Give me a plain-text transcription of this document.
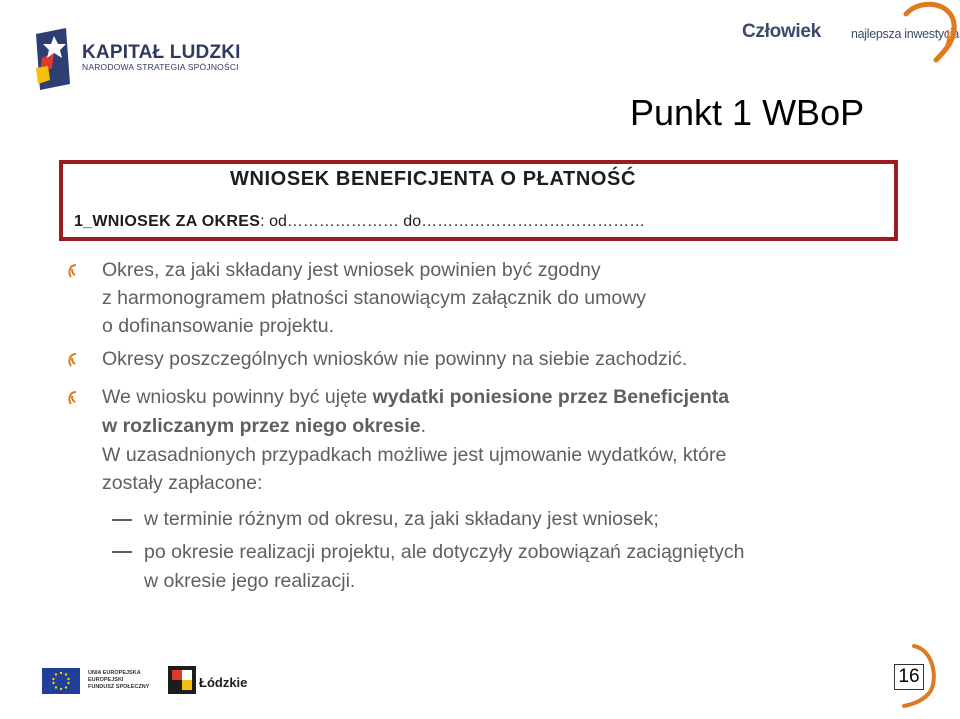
KAPITAŁ LUDZKI
NARODOWA STRATEGIA SPÓJNOŚCI
Człowiek najlepsza inwestycja
Punkt 1 WBoP
WNIOSEK BENEFICJENTA O PŁATNOŚĆ
1_WNIOSEK ZA OKRES: od………………… do……………………………………
Okres, za jaki składany jest wniosek powinien być zgodny
z harmonogramem płatności stanowiącym załącznik do umowy
o dofinansowanie projektu.
Okresy poszczególnych wniosków nie powinny na siebie zachodzić.
We wniosku powinny być ujęte wydatki poniesione przez Beneficjenta
w rozliczanym przez niego okresie.
W uzasadnionych przypadkach możliwe jest ujmowanie wydatków, które
zostały zapłacone:
w terminie różnym od okresu, za jaki składany jest wniosek;
po okresie realizacji projektu, ale dotyczyły zobowiązań zaciągniętych
w okresie jego realizacji.
UNIA EUROPEJSKA
EUROPEJSKI
FUNDUSZ SPOŁECZNY	Łódzkie	16
